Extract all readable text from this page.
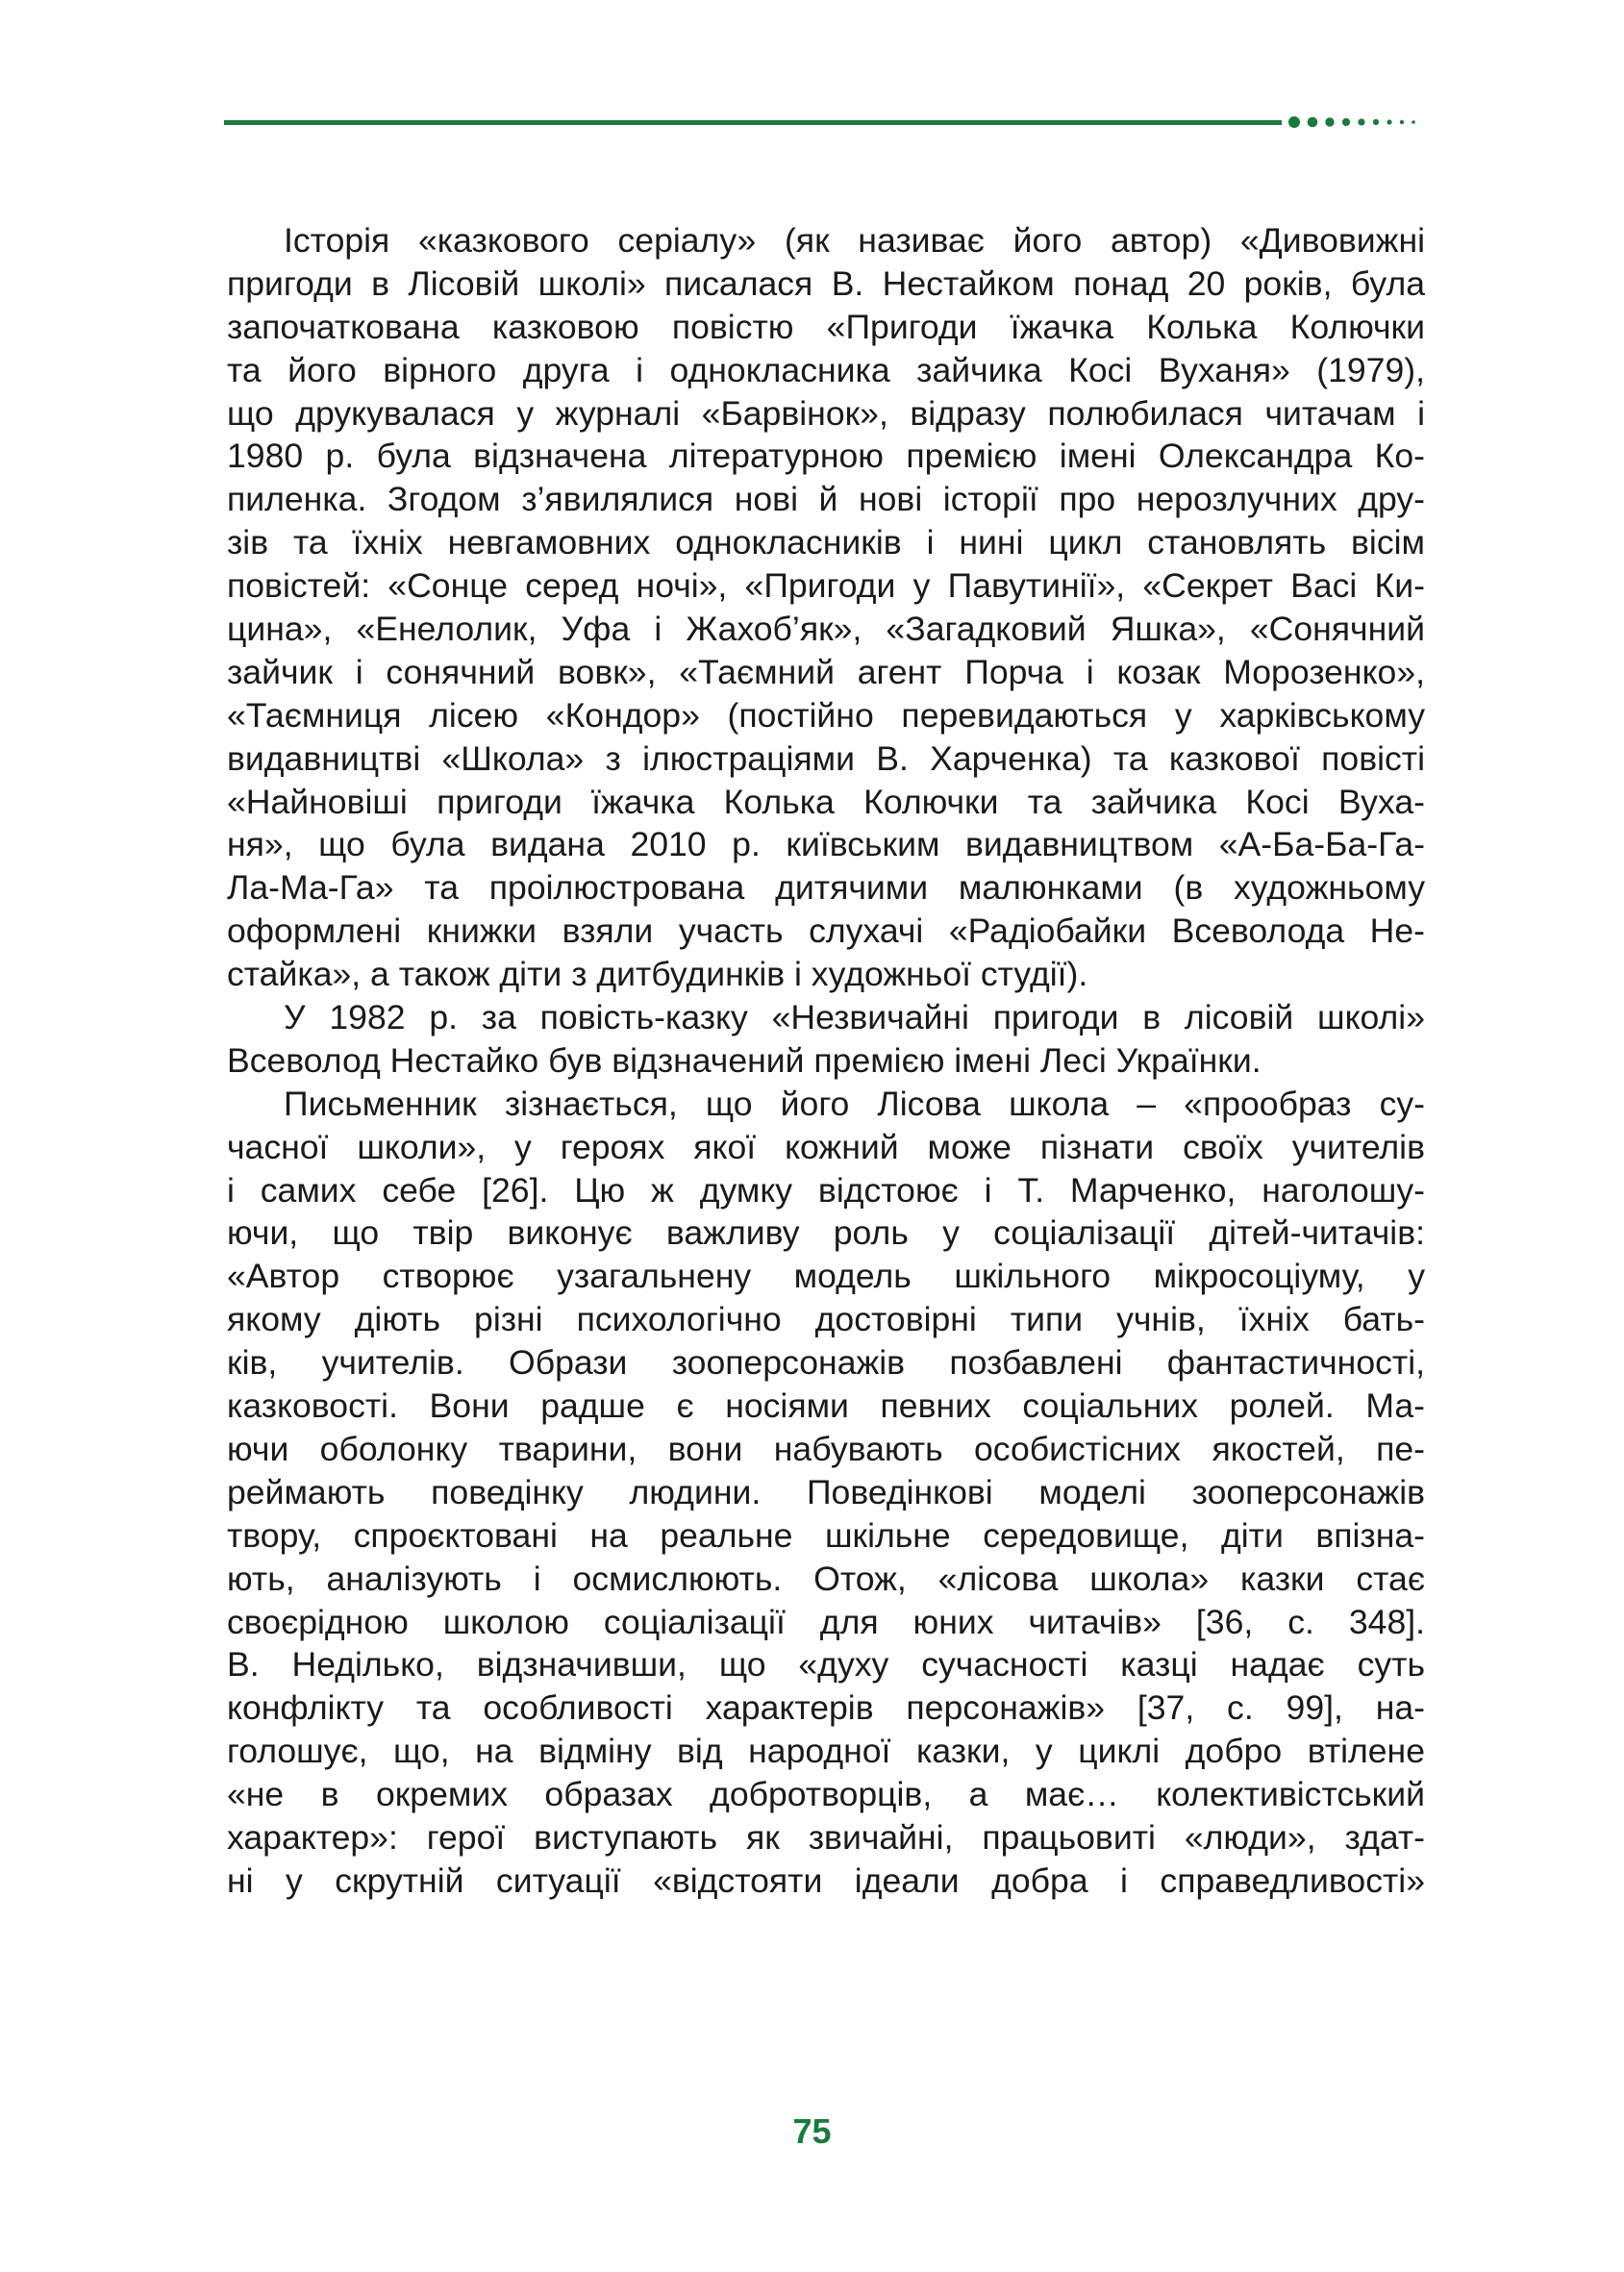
Історія «казкового серіалу» (як називає його автор) «Дивовижні
пригоди в Лісовій школі» писалася В. Нестайком понад 20 років, була
започаткована казковою повістю «Пригоди їжачка Колька Колючки
та його вірного друга і однокласника зайчика Косі Вуханя» (1979),
що друкувалася у журналі «Барвінок», відразу полюбилася читачам і
1980 р. була відзначена літературною премією імені Олександра Ко-
пиленка. Згодом з’явилялися нові й нові історії про нерозлучних дру-
зів та їхніх невгамовних однокласників і нині цикл становлять вісім
повістей: «Сонце серед ночі», «Пригоди у Павутинії», «Секрет Васі Ки-
цина», «Енелолик, Уфа і Жахоб’як», «Загадковий Яшка», «Сонячний
зайчик і сонячний вовк», «Таємний агент Порча і козак Морозенко»,
«Таємниця лісею «Кондор» (постійно перевидаються у харківському
видавництві «Школа» з ілюстраціями В. Харченка) та казкової повісті
«Найновіші пригоди їжачка Колька Колючки та зайчика Косі Вуха-
ня», що була видана 2010 р. київським видавництвом «А-Ба-Ба-Га-
Ла-Ма-Га» та проілюстрована дитячими малюнками (в художньому
оформлені книжки взяли участь слухачі «Радіобайки Всеволода Не-
стайка», а також діти з дитбудинків і художньої студії).
У 1982 р. за повість-казку «Незвичайні пригоди в лісовій школі»
Всеволод Нестайко був відзначений премією імені Лесі Українки.
Письменник зізнається, що його Лісова школа – «прообраз су-
часної школи», у героях якої кожний може пізнати своїх учителів
і самих себе [26]. Цю ж думку відстоює і Т. Марченко, наголошу-
ючи, що твір виконує важливу роль у соціалізації дітей-читачів:
«Автор створює узагальнену модель шкільного мікросоціуму, у
якому діють різні психологічно достовірні типи учнів, їхніх бать-
ків, учителів. Образи зооперсонажів позбавлені фантастичності,
казковості. Вони радше є носіями певних соціальних ролей. Ма-
ючи оболонку тварини, вони набувають особистісних якостей, пе-
реймають поведінку людини. Поведінкові моделі зооперсонажів
твору, спроєктовані на реальне шкільне середовище, діти впізна-
ють, аналізують і осмислюють. Отож, «лісова школа» казки стає
своєрідною школою соціалізації для юних читачів» [36, с. 348].
В. Неділько, відзначивши, що «духу сучасності казці надає суть
конфлікту та особливості характерів персонажів» [37, с. 99], на-
голошує, що, на відміну від народної казки, у циклі добро втілене
«не в окремих образах добротворців, а має… колективістський
характер»: герої виступають як звичайні, працьовиті «люди», здат-
ні у скрутній ситуації «відстояти ідеали добра і справедливості»
75
